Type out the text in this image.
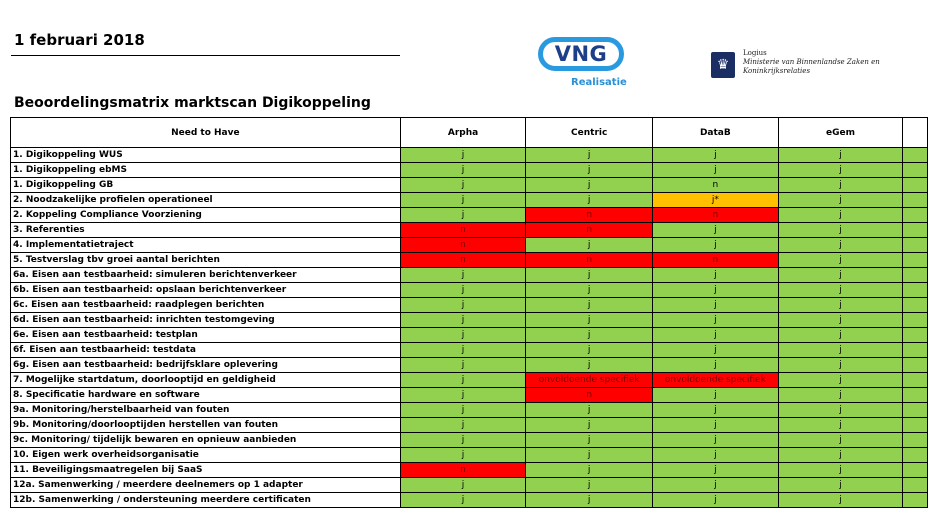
1 februari 2018
VNG
Realisatie
♛
Logius
Ministerie van Binnenlandse Zaken en
Koninkrijksrelaties
Beoordelingsmatrix marktscan Digikoppeling
Need to Have	Arpha	Centric	DataB	eGem	
1. Digikoppeling WUS	j	j	j	j	
1. Digikoppeling ebMS	j	j	j	j	
1. Digikoppeling GB	j	j	n	j	
2. Noodzakelijke profielen operationeel	j	j	j*	j	
2. Koppeling Compliance Voorziening	j	n	n	j	
3. Referenties	n	n	j	j	
4. Implementatietraject	n	j	j	j	
5. Testverslag tbv groei aantal berichten	n	n	n	j	
6a. Eisen aan testbaarheid: simuleren berichtenverkeer	j	j	j	j	
6b. Eisen aan testbaarheid: opslaan berichtenverkeer	j	j	j	j	
6c. Eisen aan testbaarheid: raadplegen berichten	j	j	j	j	
6d. Eisen aan testbaarheid: inrichten testomgeving	j	j	j	j	
6e. Eisen aan testbaarheid: testplan	j	j	j	j	
6f. Eisen aan testbaarheid: testdata	j	j	j	j	
6g. Eisen aan testbaarheid: bedrijfsklare oplevering	j	j	j	j	
7. Mogelijke startdatum, doorlooptijd en geldigheid	j	onvoldoende specifiek	onvoldoende specifiek	j	
8. Specificatie hardware en software	j	n	j	j	
9a. Monitoring/herstelbaarheid van fouten	j	j	j	j	
9b. Monitoring/doorlooptijden herstellen van fouten	j	j	j	j	
9c. Monitoring/ tijdelijk bewaren en opnieuw aanbieden	j	j	j	j	
10. Eigen werk overheidsorganisatie	j	j	j	j	
11. Beveiligingsmaatregelen bij SaaS	n	j	j	j	
12a. Samenwerking / meerdere deelnemers op 1 adapter	j	j	j	j	
12b. Samenwerking / ondersteuning meerdere certificaten	j	j	j	j	
